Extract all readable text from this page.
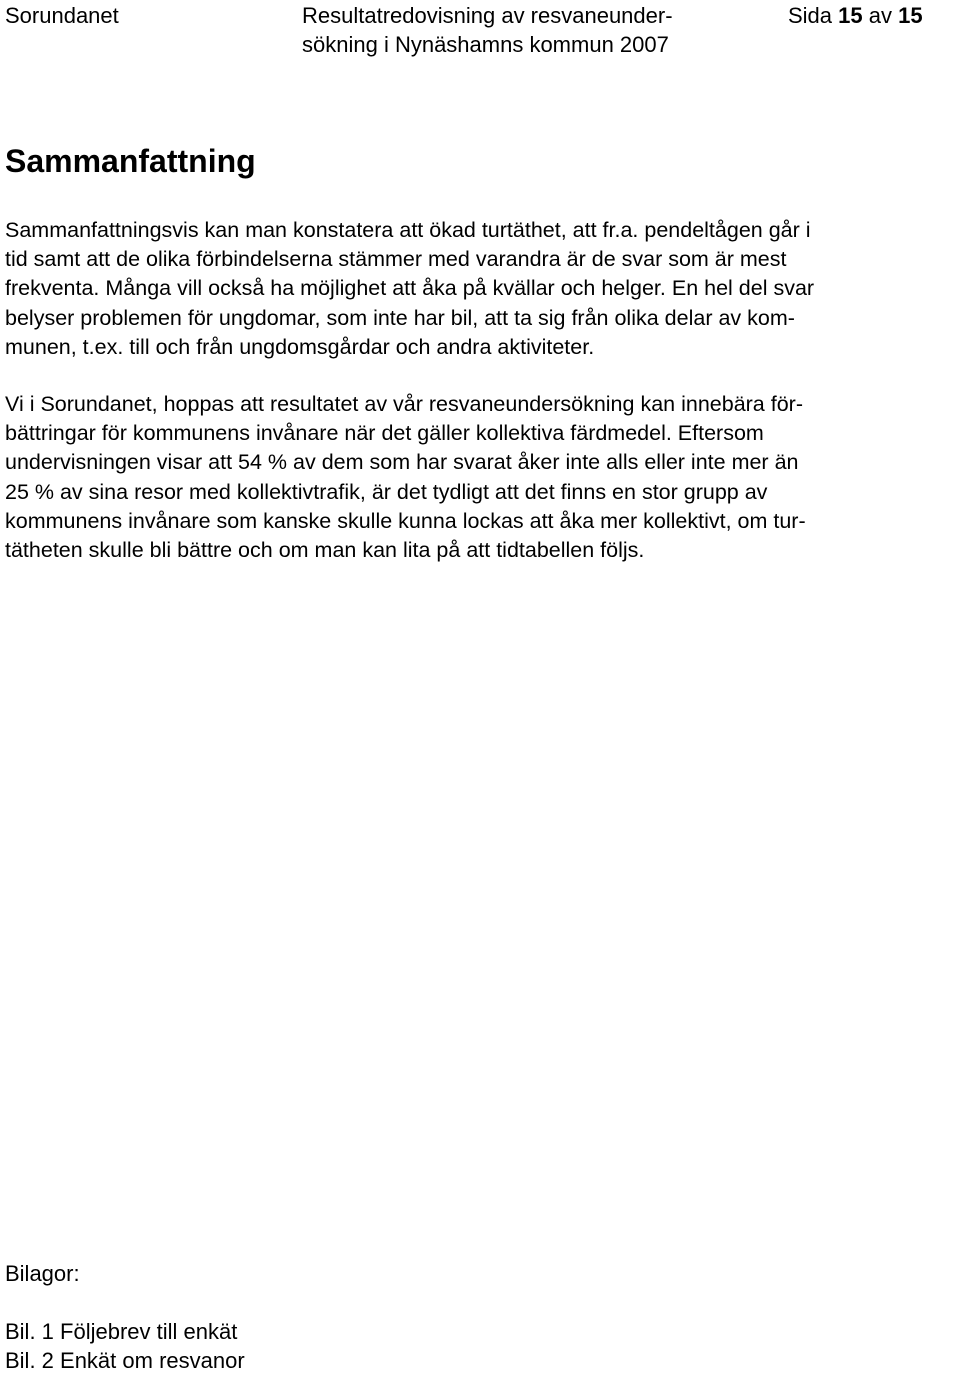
Sorundanet	Resultatredovisning av resvaneunder-
sökning i Nynäshamns kommun 2007
Sida 15 av 15
Sammanfattning

Sammanfattningsvis kan man konstatera att ökad turtäthet, att fr.a. pendeltågen går i
tid samt att de olika förbindelserna stämmer med varandra är de svar som är mest
frekventa. Många vill också ha möjlighet att åka på kvällar och helger. En hel del svar
belyser problemen för ungdomar, som inte har bil, att ta sig från olika delar av kom-
munen, t.ex. till och från ungdomsgårdar och andra aktiviteter.

Vi i Sorundanet, hoppas att resultatet av vår resvaneundersökning kan innebära för-
bättringar för kommunens invånare när det gäller kollektiva färdmedel. Eftersom
undervisningen visar att 54 % av dem som har svarat åker inte alls eller inte mer än
25 % av sina resor med kollektivtrafik, är det tydligt att det finns en stor grupp av
kommunens invånare som kanske skulle kunna lockas att åka mer kollektivt, om tur-
tätheten skulle bli bättre och om man kan lita på att tidtabellen följs.

Bilagor:
Bil. 1 Följebrev till enkät
Bil. 2 Enkät om resvanor
